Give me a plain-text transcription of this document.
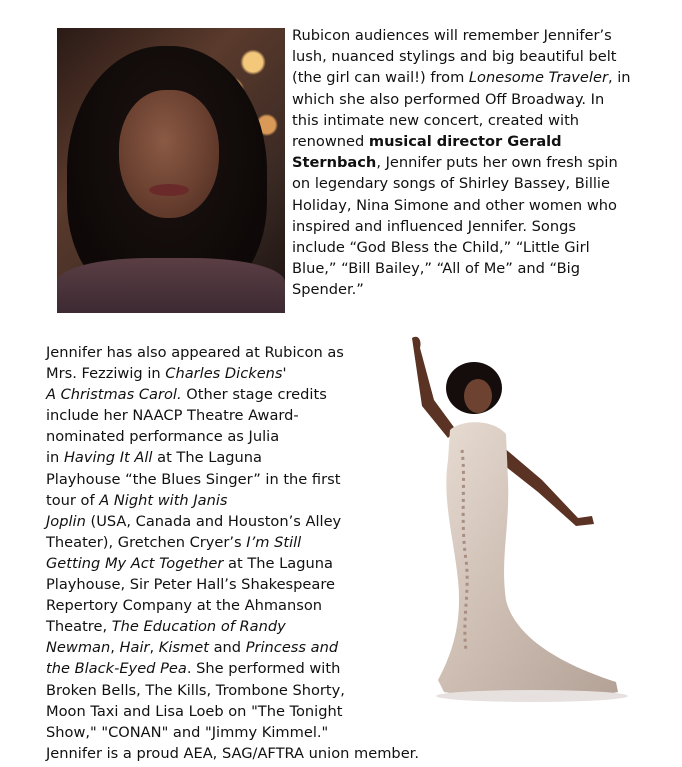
Rubicon audiences will remember Jennifer’s
lush, nuanced stylings and big beautiful belt
(the girl can wail!) from Lonesome Traveler, in
which she also performed Off Broadway. In
this intimate new concert, created with
renowned musical director Gerald
Sternbach, Jennifer puts her own fresh spin
on legendary songs of Shirley Bassey, Billie
Holiday, Nina Simone and other women who
inspired and influenced Jennifer. Songs
include “God Bless the Child,” “Little Girl
Blue,” “Bill Bailey,” “All of Me” and “Big
Spender.”

Jennifer has also appeared at Rubicon as
Mrs. Fezziwig in Charles Dickens'
A Christmas Carol. Other stage credits
include her NAACP Theatre Award-
nominated performance as Julia
in Having It All at The Laguna
Playhouse “the Blues Singer” in the first
tour of A Night with Janis
Joplin (USA, Canada and Houston’s Alley
Theater), Gretchen Cryer’s I’m Still
Getting My Act Together at The Laguna
Playhouse, Sir Peter Hall’s Shakespeare
Repertory Company at the Ahmanson
Theatre, The Education of Randy
Newman, Hair, Kismet and Princess and
the Black-Eyed Pea. She performed with
Broken Bells, The Kills, Trombone Shorty,
Moon Taxi and Lisa Loeb on "The Tonight
Show," "CONAN" and "Jimmy Kimmel."
Jennifer is a proud AEA, SAG/AFTRA union member.
